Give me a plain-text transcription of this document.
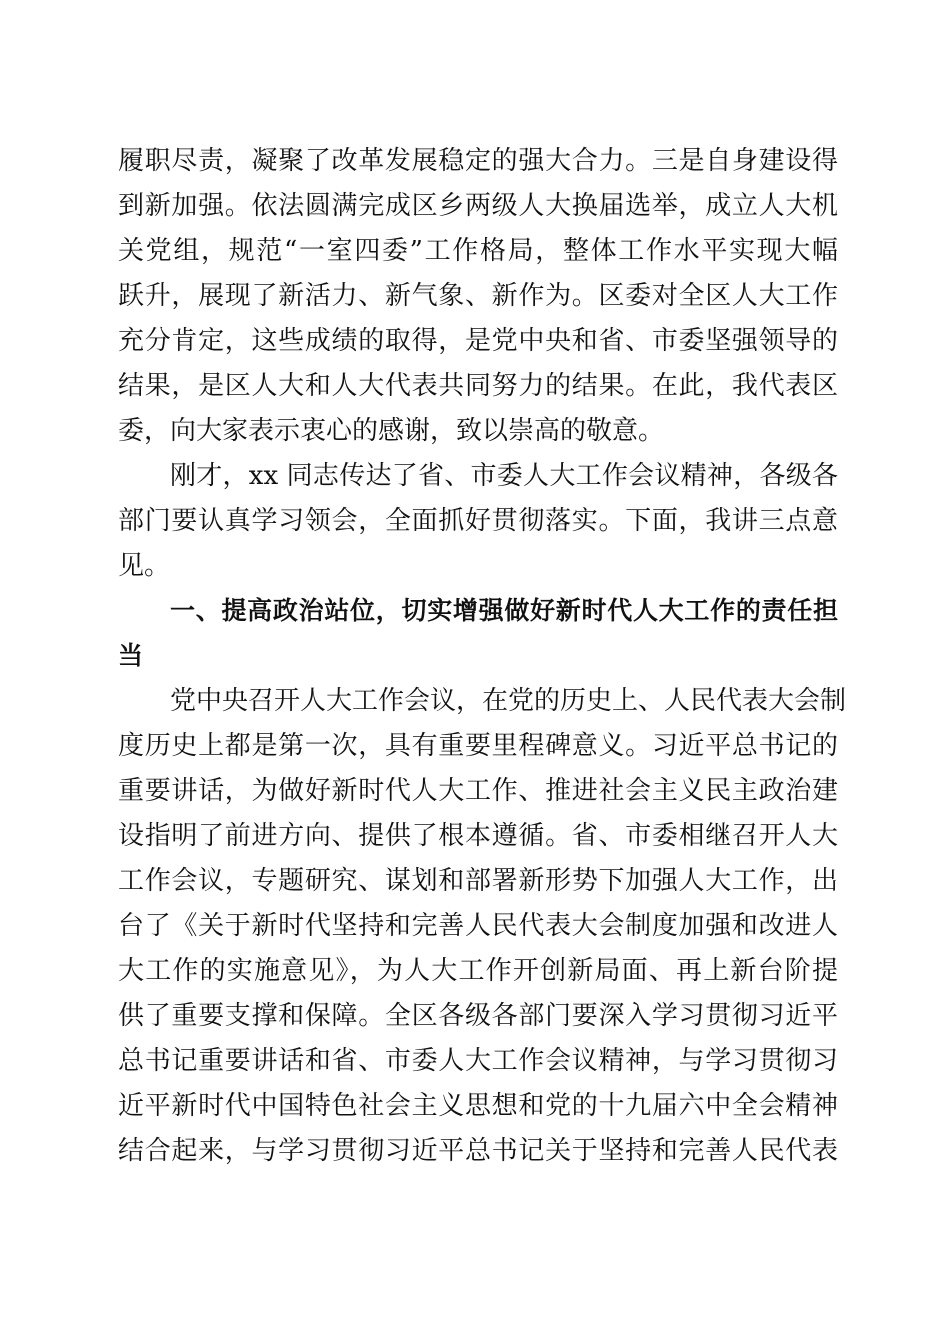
履职尽责，凝聚了改革发展稳定的强大合力。三是自身建设得
到新加强。依法圆满完成区乡两级人大换届选举，成立人大机
关党组，规范“一室四委”工作格局，整体工作水平实现大幅
跃升，展现了新活力、新气象、新作为。区委对全区人大工作
充分肯定，这些成绩的取得，是党中央和省、市委坚强领导的
结果，是区人大和人大代表共同努力的结果。在此，我代表区
委，向大家表示衷心的感谢，致以崇高的敬意。
刚才，xx 同志传达了省、市委人大工作会议精神，各级各
部门要认真学习领会，全面抓好贯彻落实。下面，我讲三点意
见。
一、提高政治站位，切实增强做好新时代人大工作的责任担
当
党中央召开人大工作会议，在党的历史上、人民代表大会制
度历史上都是第一次，具有重要里程碑意义。习近平总书记的
重要讲话，为做好新时代人大工作、推进社会主义民主政治建
设指明了前进方向、提供了根本遵循。省、市委相继召开人大
工作会议，专题研究、谋划和部署新形势下加强人大工作，出
台了《关于新时代坚持和完善人民代表大会制度加强和改进人
大工作的实施意见》，为人大工作开创新局面、再上新台阶提
供了重要支撑和保障。全区各级各部门要深入学习贯彻习近平
总书记重要讲话和省、市委人大工作会议精神，与学习贯彻习
近平新时代中国特色社会主义思想和党的十九届六中全会精神
结合起来，与学习贯彻习近平总书记关于坚持和完善人民代表
